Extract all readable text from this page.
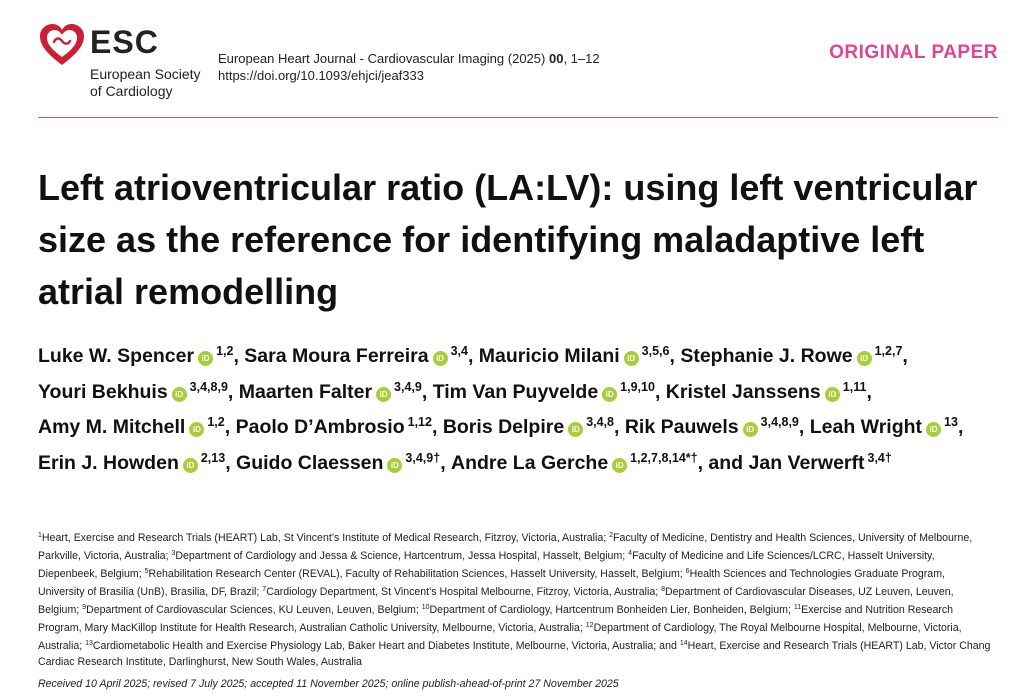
ESC
European Society
of Cardiology
European Heart Journal - Cardiovascular Imaging (2025) 00, 1–12
https://doi.org/10.1093/ehjci/jeaf333
ORIGINAL PAPER
Left atrioventricular ratio (LA:LV): using left ventricular size as the reference for identifying maladaptive left atrial remodelling
Luke W. Spencer iD$^{1,2}$, Sara Moura Ferreira iD$^{3,4}$, Mauricio Milani iD$^{3,5,6}$, Stephanie J. Rowe iD$^{1,2,7}$, Youri Bekhuis iD$^{3,4,8,9}$, Maarten Falter iD$^{3,4,9}$, Tim Van Puyvelde iD$^{1,9,10}$, Kristel Janssens iD$^{1,11}$, Amy M. Mitchell iD$^{1,2}$, Paolo D’Ambrosio $^{1,12}$, Boris Delpire iD$^{3,4,8}$, Rik Pauwels iD$^{3,4,8,9}$, Leah Wright iD$^{13}$, Erin J. Howden iD$^{2,13}$, Guido Claessen iD$^{3,4,9\dagger}$, Andre La Gerche iD$^{1,2,7,8,14*\dagger}$, and Jan Verwerft $^{3,4\dagger}$
$^1$Heart, Exercise and Research Trials (HEART) Lab, St Vincent’s Institute of Medical Research, Fitzroy, Victoria, Australia; $^2$Faculty of Medicine, Dentistry and Health Sciences, University of Melbourne, Parkville, Victoria, Australia; $^3$Department of Cardiology and Jessa & Science, Hartcentrum, Jessa Hospital, Hasselt, Belgium; $^4$Faculty of Medicine and Life Sciences/LCRC, Hasselt University, Diepenbeek, Belgium; $^5$Rehabilitation Research Center (REVAL), Faculty of Rehabilitation Sciences, Hasselt University, Hasselt, Belgium; $^6$Health Sciences and Technologies Graduate Program, University of Brasilia (UnB), Brasilia, DF, Brazil; $^7$Cardiology Department, St Vincent’s Hospital Melbourne, Fitzroy, Victoria, Australia; $^8$Department of Cardiovascular Diseases, UZ Leuven, Leuven, Belgium; $^9$Department of Cardiovascular Sciences, KU Leuven, Leuven, Belgium; $^{10}$Department of Cardiology, Hartcentrum Bonheiden Lier, Bonheiden, Belgium; $^{11}$Exercise and Nutrition Research Program, Mary MacKillop Institute for Health Research, Australian Catholic University, Melbourne, Victoria, Australia; $^{12}$Department of Cardiology, The Royal Melbourne Hospital, Melbourne, Victoria, Australia; $^{13}$Cardiometabolic Health and Exercise Physiology Lab, Baker Heart and Diabetes Institute, Melbourne, Victoria, Australia; and $^{14}$Heart, Exercise and Research Trials (HEART) Lab, Victor Chang Cardiac Research Institute, Darlinghurst, New South Wales, Australia
Received 10 April 2025; revised 7 July 2025; accepted 11 November 2025; online publish-ahead-of-print 27 November 2025
